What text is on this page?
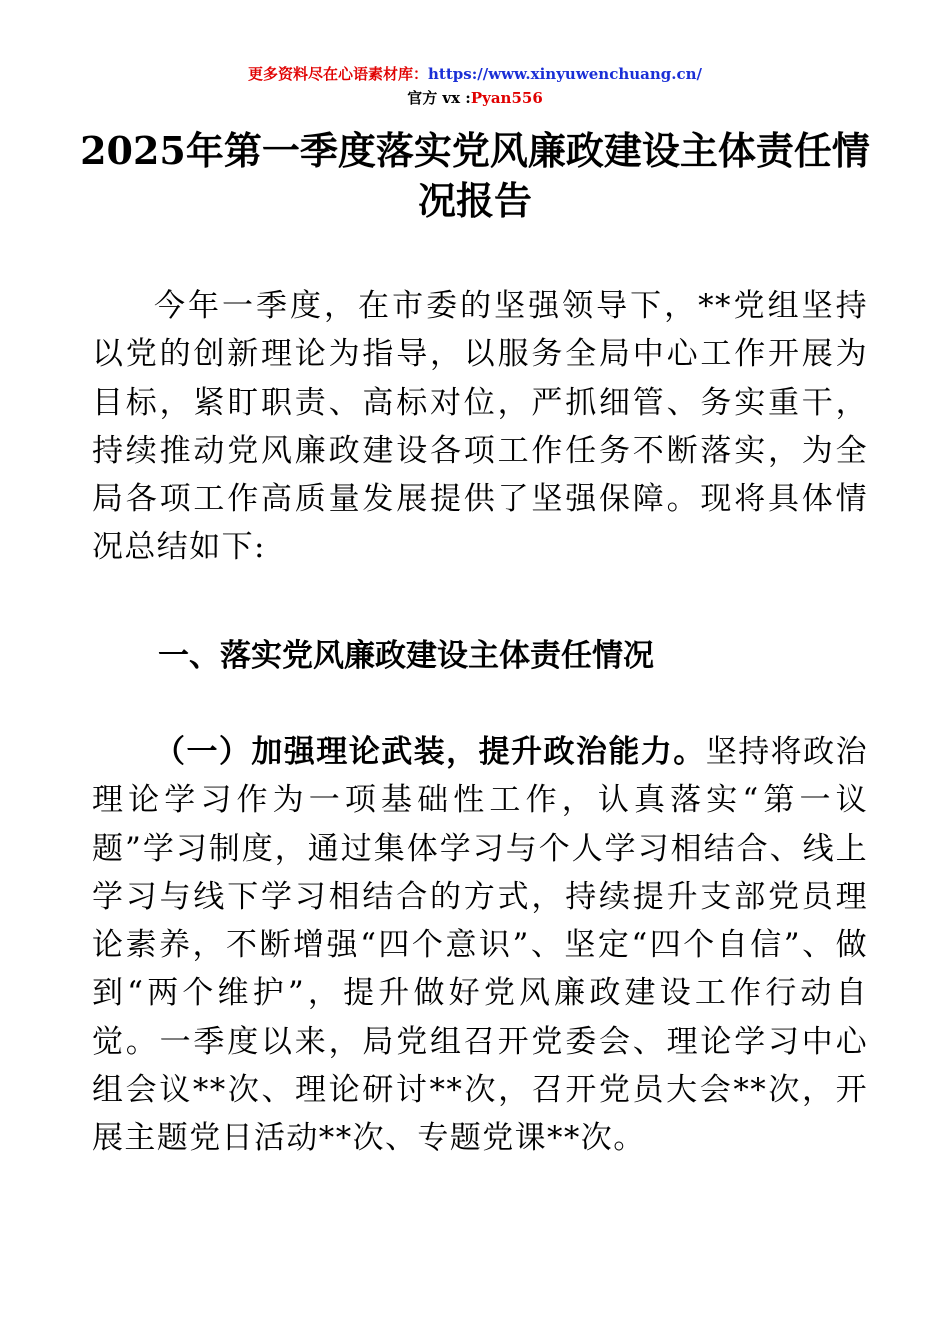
更多资料尽在心语素材库：https://www.xinyuwenchuang.cn/
官方 vx :Pyan556
2025年第一季度落实党风廉政建设主体责任情况报告
今年一季度，在市委的坚强领导下，**党组坚持以党的创新理论为指导，以服务全局中心工作开展为目标，紧盯职责、高标对位，严抓细管、务实重干，持续推动党风廉政建设各项工作任务不断落实，为全局各项工作高质量发展提供了坚强保障。现将具体情况总结如下:
一、落实党风廉政建设主体责任情况
（一）加强理论武装，提升政治能力。坚持将政治理论学习作为一项基础性工作，认真落实“第一议题”学习制度，通过集体学习与个人学习相结合、线上学习与线下学习相结合的方式，持续提升支部党员理论素养，不断增强“四个意识”、坚定“四个自信”、做到“两个维护”，提升做好党风廉政建设工作行动自觉。一季度以来，局党组召开党委会、理论学习中心组会议**次、理论研讨**次，召开党员大会**次，开展主题党日活动**次、专题党课**次。
